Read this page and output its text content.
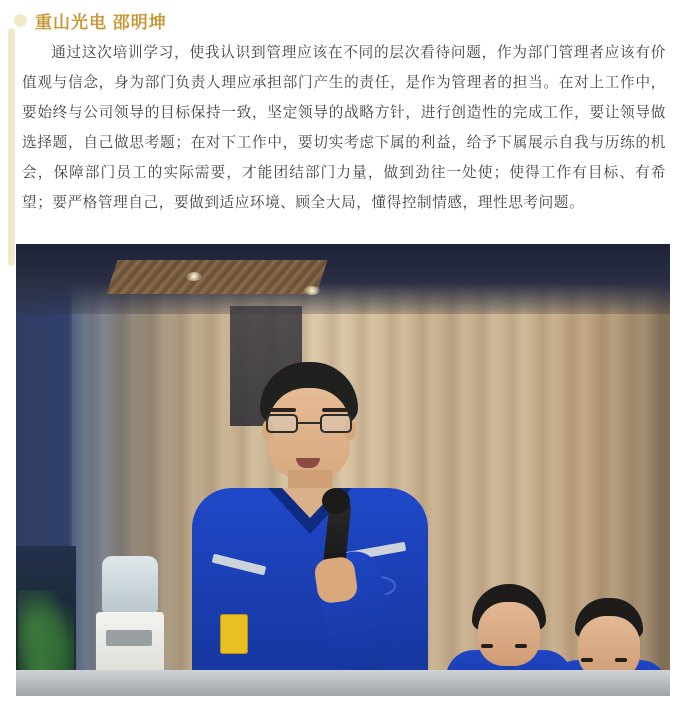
重山光电 邵明坤

通过这次培训学习，使我认识到管理应该在不同的层次看待问题，作为部门管理者应该有价值观与信念，身为部门负责人理应承担部门产生的责任，是作为管理者的担当。在对上工作中，要始终与公司领导的目标保持一致，坚定领导的战略方针，进行创造性的完成工作，要让领导做选择题，自己做思考题；在对下工作中，要切实考虑下属的利益，给予下属展示自我与历练的机会，保障部门员工的实际需要，才能团结部门力量，做到劲往一处使；使得工作有目标、有希望；要严格管理自己，要做到适应环境、顾全大局，懂得控制情感，理性思考问题。
